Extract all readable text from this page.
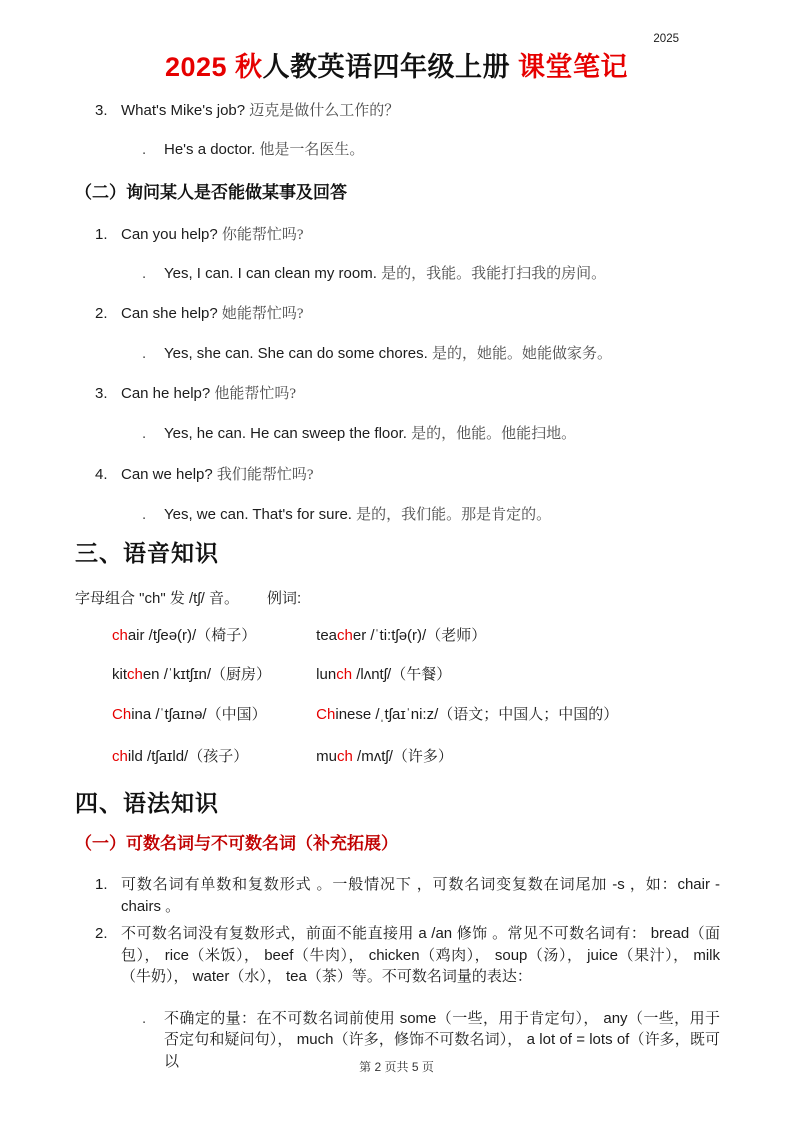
2025
2025 秋人教英语四年级上册 课堂笔记
3. What's Mike's job? 迈克是做什么工作的？
.	He's a doctor. 他是一名医生。
（二）询问某人是否能做某事及回答
1. Can you help? 你能帮忙吗?
.	Yes, I can. I can clean my room. 是的，我能。我能打扫我的房间。
2. Can she help? 她能帮忙吗?
.	Yes, she can. She can do some chores. 是的，她能。她能做家务。
3. Can he help? 他能帮忙吗?
.	Yes, he can. He can sweep the floor. 是的，他能。他能扫地。
4. Can we help? 我们能帮忙吗?
.	Yes, we can. That's for sure. 是的，我们能。那是肯定的。
三、语音知识
字母组合 "ch" 发 /tʃ/ 音。 例词:
chair /tʃeə(r)/（椅子）	teacher /ˈti:tʃə(r)/（老师）
kitchen /ˈkɪtʃɪn/（厨房）	lunch /lʌntʃ/（午餐）
China /ˈtʃaɪnə/（中国）	Chinese /ˌtʃaɪˈni:z/（语文；中国人；中国的）
child /tʃaɪld/（孩子）	much /mʌtʃ/（许多）
四、语法知识
（一）可数名词与不可数名词（补充拓展）
1. 可数名词有单数和复数形式 。一般情况下 ，可数名词变复数在词尾加 -s ，如：chair - chairs 。
2. 不可数名词没有复数形式，前面不能直接用 a /an 修饰 。常见不可数名词有： bread（面包）， rice（米饭）， beef（牛肉）， chicken（鸡肉）， soup（汤）， juice（果汁）， milk（牛奶）， water（水）， tea（茶）等。不可数名词量的表达：
.	不确定的量：在不可数名词前使用 some（一些，用于肯定句）， any（一些，用于否定句和疑问句）， much（许多，修饰不可数名词）， a lot of = lots of（许多，既可以	第 2 页共 5 页
